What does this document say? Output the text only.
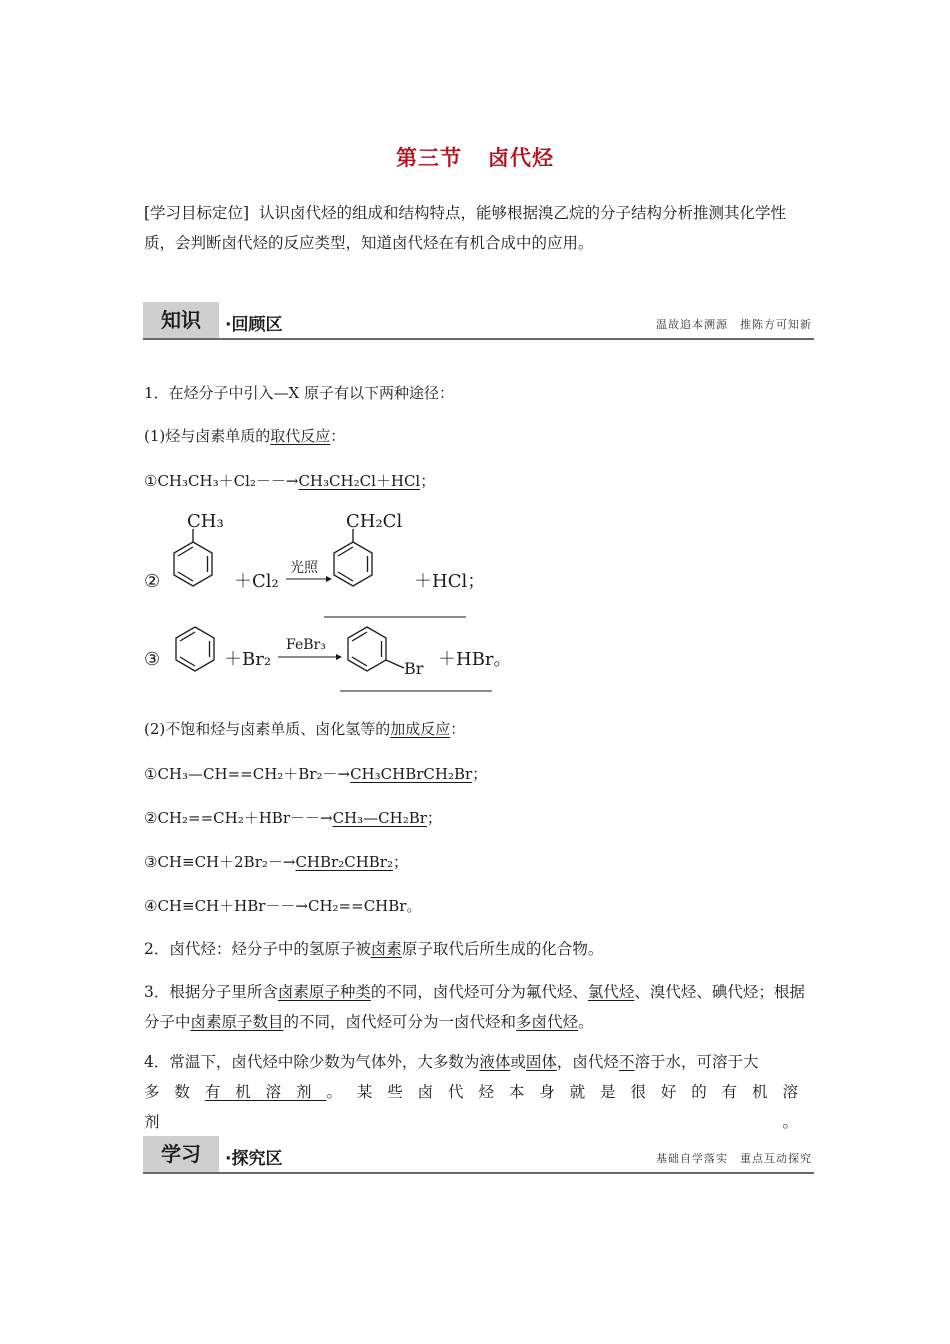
第三节 卤代烃
[学习目标定位] 认识卤代烃的组成和结构特点，能够根据溴乙烷的分子结构分析推测其化学性质，会判断卤代烃的反应类型，知道卤代烃在有机合成中的应用。
知识	·回顾区	温故追本溯源　推陈方可知新
1．在烃分子中引入—X 原子有以下两种途径：
(1)烃与卤素单质的取代反应：
①CH₃CH₃＋Cl₂－－→CH₃CH₂Cl＋HCl；
②
CH₃
＋Cl₂
光照
CH₂Cl
＋HCl；
③	＋Br₂
FeBr₃
Br ＋HBr。
(2)不饱和烃与卤素单质、卤化氢等的加成反应：
①CH₃—CH==CH₂＋Br₂－→CH₃CHBrCH₂Br；
②CH₂==CH₂＋HBr－－→CH₃—CH₂Br；
③CH≡CH＋2Br₂－→CHBr₂CHBr₂；
④CH≡CH＋HBr－－→CH₂==CHBr。
2．卤代烃：烃分子中的氢原子被卤素原子取代后所生成的化合物。
3．根据分子里所含卤素原子种类的不同，卤代烃可分为氟代烃、氯代烃、溴代烃、碘代烃；根据分子中卤素原子数目的不同，卤代烃可分为一卤代烃和多卤代烃。
4．常温下，卤代烃中除少数为气体外，大多数为液体或固体，卤代烃不溶于水，可溶于大
多数有机溶剂。某些卤代烃本身就是很好的有机溶剂。
学习	·探究区	基础自学落实　重点互动探究
